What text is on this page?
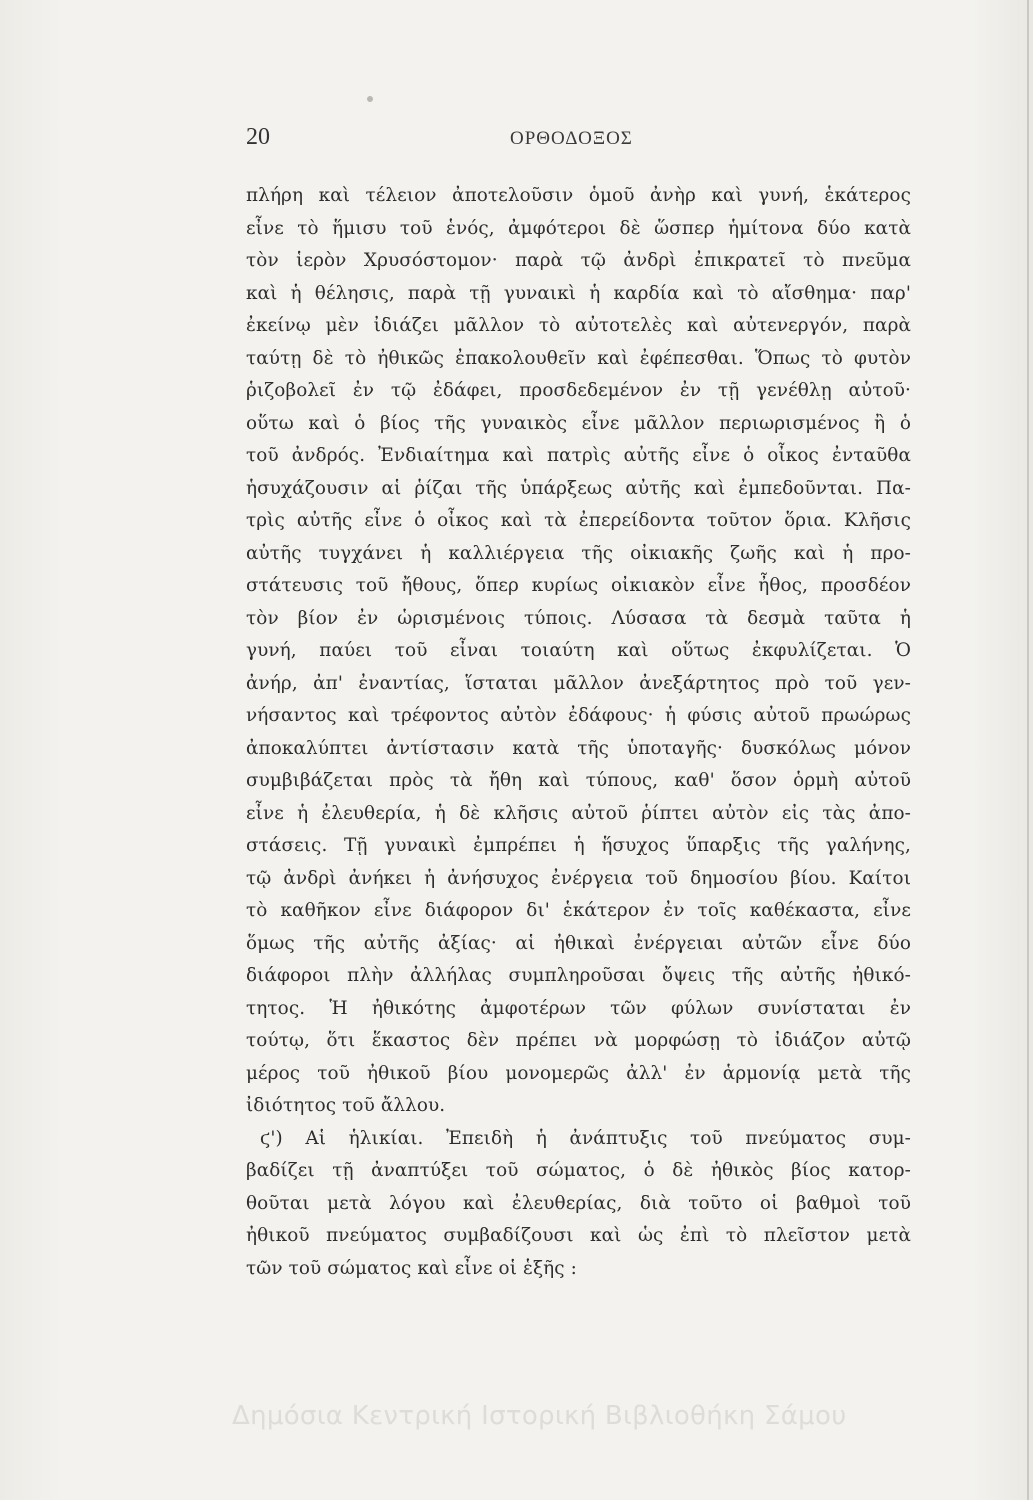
20	ΟΡΘΟΔΟΞΟΣ
πλήρη καὶ τέλειον ἀποτελοῦσιν ὁμοῦ ἀνὴρ καὶ γυνή, ἑκάτερος
εἶνε τὸ ἥμισυ τοῦ ἑνός, ἀμφότεροι δὲ ὥσπερ ἡμίτονα δύο κατὰ
τὸν ἱερὸν Χρυσόστομον· παρὰ τῷ ἀνδρὶ ἐπικρατεῖ τὸ πνεῦμα
καὶ ἡ θέλησις, παρὰ τῇ γυναικὶ ἡ καρδία καὶ τὸ αἴσθημα· παρ'
ἐκείνῳ μὲν ἰδιάζει μᾶλλον τὸ αὐτοτελὲς καὶ αὐτενεργόν, παρὰ
ταύτῃ δὲ τὸ ἠθικῶς ἐπακολουθεῖν καὶ ἐφέπεσθαι. Ὅπως τὸ φυτὸν
ῥιζοβολεῖ ἐν τῷ ἐδάφει, προσδεδεμένον ἐν τῇ γενέθλῃ αὐτοῦ·
οὕτω καὶ ὁ βίος τῆς γυναικὸς εἶνε μᾶλλον περιωρισμένος ἢ ὁ
τοῦ ἀνδρός. Ἐνδιαίτημα καὶ πατρὶς αὐτῆς εἶνε ὁ οἶκος ἐνταῦθα
ἡσυχάζουσιν αἱ ῥίζαι τῆς ὑπάρξεως αὐτῆς καὶ ἐμπεδοῦνται. Πα-
τρὶς αὐτῆς εἶνε ὁ οἶκος καὶ τὰ ἐπερείδοντα τοῦτον ὅρια. Κλῆσις
αὐτῆς τυγχάνει ἡ καλλιέργεια τῆς οἰκιακῆς ζωῆς καὶ ἡ προ-
στάτευσις τοῦ ἤθους, ὅπερ κυρίως οἰκιακὸν εἶνε ἦθος, προσδέον
τὸν βίον ἐν ὡρισμένοις τύποις. Λύσασα τὰ δεσμὰ ταῦτα ἡ
γυνή, παύει τοῦ εἶναι τοιαύτη καὶ οὕτως ἐκφυλίζεται. Ὁ
ἀνήρ, ἀπ' ἐναντίας, ἵσταται μᾶλλον ἀνεξάρτητος πρὸ τοῦ γεν-
νήσαντος καὶ τρέφοντος αὐτὸν ἐδάφους· ἡ φύσις αὐτοῦ πρωώρως
ἀποκαλύπτει ἀντίστασιν κατὰ τῆς ὑποταγῆς· δυσκόλως μόνον
συμβιβάζεται πρὸς τὰ ἤθη καὶ τύπους, καθ' ὅσον ὁρμὴ αὐτοῦ
εἶνε ἡ ἐλευθερία, ἡ δὲ κλῆσις αὐτοῦ ῥίπτει αὐτὸν εἰς τὰς ἀπο-
στάσεις. Τῇ γυναικὶ ἐμπρέπει ἡ ἥσυχος ὕπαρξις τῆς γαλήνης,
τῷ ἀνδρὶ ἀνήκει ἡ ἀνήσυχος ἐνέργεια τοῦ δημοσίου βίου. Καίτοι
τὸ καθῆκον εἶνε διάφορον δι' ἑκάτερον ἐν τοῖς καθέκαστα, εἶνε
ὅμως τῆς αὐτῆς ἀξίας· αἱ ἠθικαὶ ἐνέργειαι αὐτῶν εἶνε δύο
διάφοροι πλὴν ἀλλήλας συμπληροῦσαι ὄψεις τῆς αὐτῆς ἠθικό-
τητος. Ἡ ἠθικότης ἀμφοτέρων τῶν φύλων συνίσταται ἐν
τούτῳ, ὅτι ἕκαστος δὲν πρέπει νὰ μορφώσῃ τὸ ἰδιάζον αὐτῷ
μέρος τοῦ ἠθικοῦ βίου μονομερῶς ἀλλ' ἐν ἁρμονίᾳ μετὰ τῆς
ἰδιότητος τοῦ ἄλλου.
ϛ') Αἱ ἡλικίαι. Ἐπειδὴ ἡ ἀνάπτυξις τοῦ πνεύματος συμ-
βαδίζει τῇ ἀναπτύξει τοῦ σώματος, ὁ δὲ ἠθικὸς βίος κατορ-
θοῦται μετὰ λόγου καὶ ἐλευθερίας, διὰ τοῦτο οἱ βαθμοὶ τοῦ
ἠθικοῦ πνεύματος συμβαδίζουσι καὶ ὡς ἐπὶ τὸ πλεῖστον μετὰ
τῶν τοῦ σώματος καὶ εἶνε οἱ ἑξῆς :
Δημόσια Κεντρική Ιστορική Βιβλιοθήκη Σάμου
